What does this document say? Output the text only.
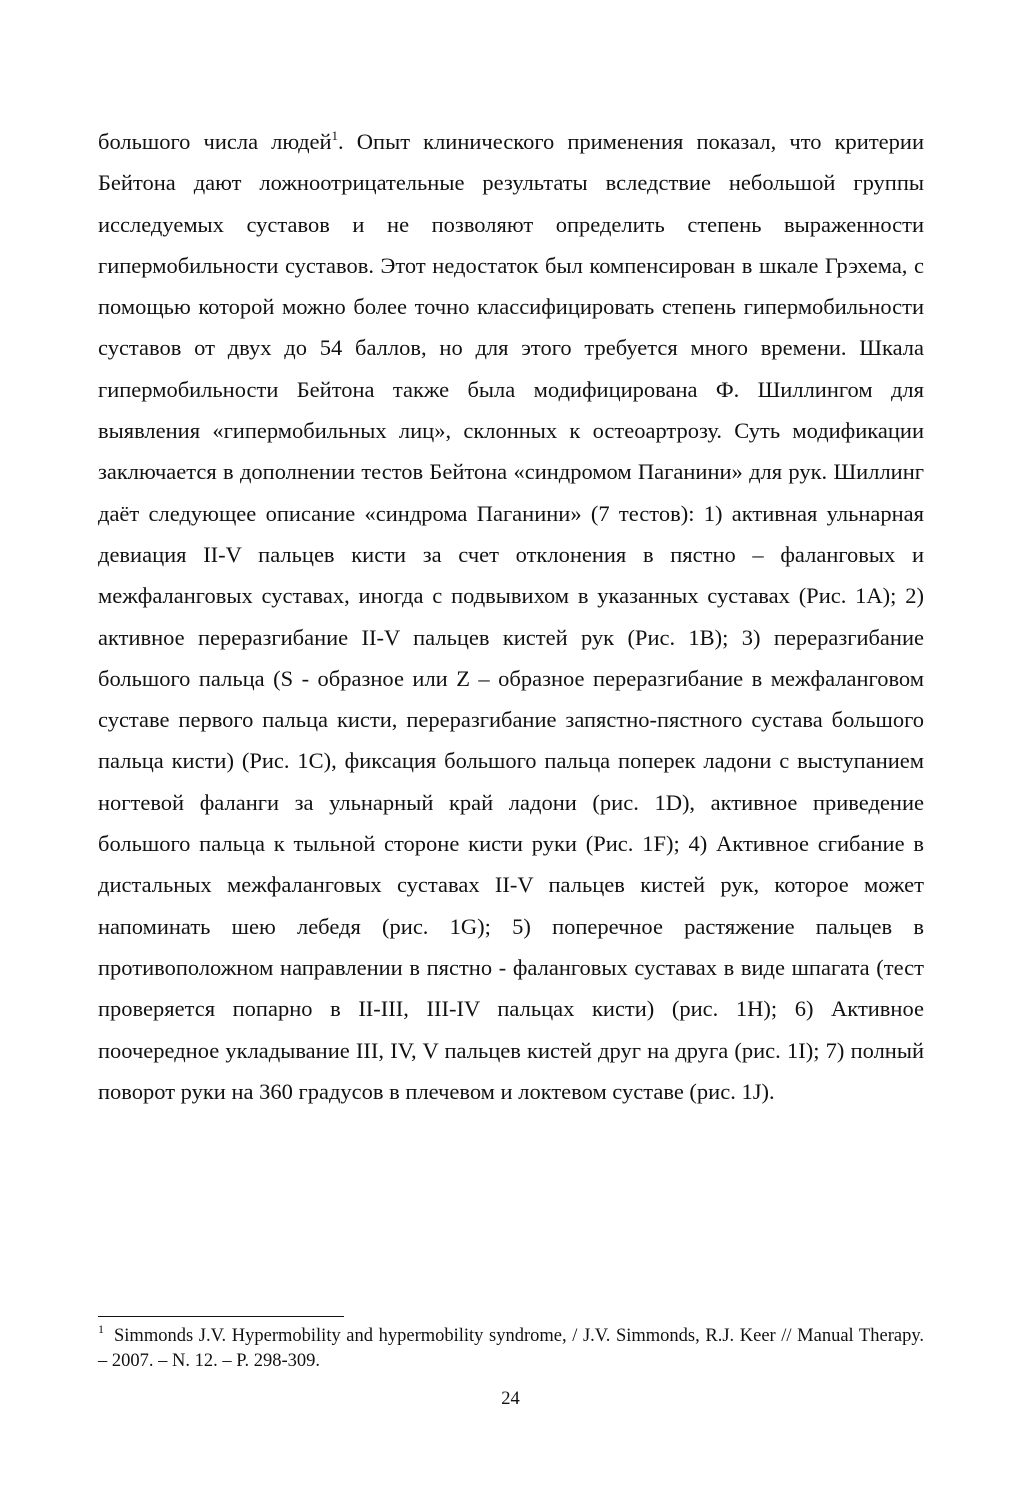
большого числа людей$^1$. Опыт клинического применения показал, что критерии Бейтона дают ложноотрицательные результаты вследствие небольшой группы исследуемых суставов и не позволяют определить степень выраженности гипермобильности суставов. Этот недостаток был компенсирован в шкале Грэхема, с помощью которой можно более точно классифицировать степень гипермобильности суставов от двух до 54 баллов, но для этого требуется много времени. Шкала гипермобильности Бейтона также была модифицирована Ф. Шиллингом для выявления «гипермобильных лиц», склонных к остеоартрозу. Суть модификации заключается в дополнении тестов Бейтона «синдромом Паганини» для рук. Шиллинг даёт следующее описание «синдрома Паганини» (7 тестов): 1) активная ульнарная девиация II-V пальцев кисти за счет отклонения в пястно – фаланговых и межфаланговых суставах, иногда с подвывихом в указанных суставах (Рис. 1A); 2) активное переразгибание II-V пальцев кистей рук (Рис. 1B); 3) переразгибание большого пальца (S - образное или Z – образное переразгибание в межфаланговом суставе первого пальца кисти, переразгибание запястно-пястного сустава большого пальца кисти) (Рис. 1C), фиксация большого пальца поперек ладони с выступанием ногтевой фаланги за ульнарный край ладони (рис. 1D), активное приведение большого пальца к тыльной стороне кисти руки (Рис. 1F); 4) Активное сгибание в дистальных межфаланговых суставах II-V пальцев кистей рук, которое может напоминать шею лебедя (рис. 1G); 5) поперечное растяжение пальцев в противоположном направлении в пястно - фаланговых суставах в виде шпагата (тест проверяется попарно в II-III, III-IV пальцах кисти) (рис. 1H); 6) Активное поочередное укладывание III, IV, V пальцев кистей друг на друга (рис. 1I); 7) полный поворот руки на 360 градусов в плечевом и локтевом суставе (рис. 1J).

$^1$ Simmonds J.V. Hypermobility and hypermobility syndrome, / J.V. Simmonds, R.J. Keer // Manual Therapy. – 2007. – N. 12. – P. 298-309.

24
